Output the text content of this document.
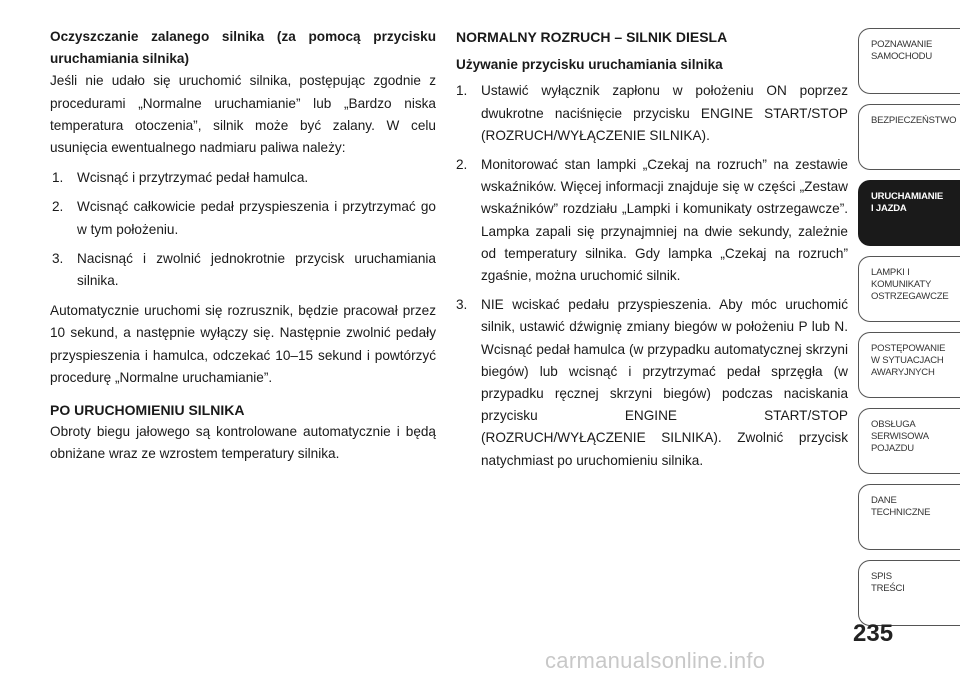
Oczyszczanie zalanego silnika (za pomocą przycisku uruchamiania silnika)

Jeśli nie udało się uruchomić silnika, postępując zgodnie z procedurami „Normalne uruchamianie” lub „Bardzo niska temperatura otoczenia”, silnik może być zalany. W celu usunięcia ewentualnego nadmiaru paliwa należy:

1. Wcisnąć i przytrzymać pedał hamulca.
2. Wcisnąć całkowicie pedał przyspieszenia i przytrzymać go w tym położeniu.
3. Nacisnąć i zwolnić jednokrotnie przycisk uruchamiania silnika.

Automatycznie uruchomi się rozrusznik, będzie pracował przez 10 sekund, a następnie wyłączy się. Następnie zwolnić pedały przyspieszenia i hamulca, odczekać 10–15 sekund i powtórzyć procedurę „Normalne uruchamianie”.

PO URUCHOMIENIU SILNIKA

Obroty biegu jałowego są kontrolowane automatycznie i będą obniżane wraz ze wzrostem temperatury silnika.

NORMALNY ROZRUCH – SILNIK DIESLA

Używanie przycisku uruchamiania silnika

1. Ustawić wyłącznik zapłonu w położeniu ON poprzez dwukrotne naciśnięcie przycisku ENGINE START/STOP (ROZRUCH/WYŁĄCZENIE SILNIKA).
2. Monitorować stan lampki „Czekaj na rozruch” na zestawie wskaźników. Więcej informacji znajduje się w części „Zestaw wskaźników” rozdziału „Lampki i komunikaty ostrzegawcze”. Lampka zapali się przynajmniej na dwie sekundy, zależnie od temperatury silnika. Gdy lampka „Czekaj na rozruch” zgaśnie, można uruchomić silnik.
3. NIE wciskać pedału przyspieszenia. Aby móc uruchomić silnik, ustawić dźwignię zmiany biegów w położeniu P lub N. Wcisnąć pedał hamulca (w przypadku automatycznej skrzyni biegów) lub wcisnąć i przytrzymać pedał sprzęgła (w przypadku ręcznej skrzyni biegów) podczas naciskania przycisku ENGINE START/STOP (ROZRUCH/WYŁĄCZENIE SILNIKA). Zwolnić przycisk natychmiast po uruchomieniu silnika.
POZNAWANIE
SAMOCHODU
BEZPIECZEŃSTWO
URUCHAMIANIE
I JAZDA
LAMPKI I
KOMUNIKATY
OSTRZEGAWCZE
POSTĘPOWANIE
W SYTUACJACH
AWARYJNYCH
OBSŁUGA
SERWISOWA
POJAZDU
DANE
TECHNICZNE
SPIS
TREŚCI
235
carmanualsonline.info
